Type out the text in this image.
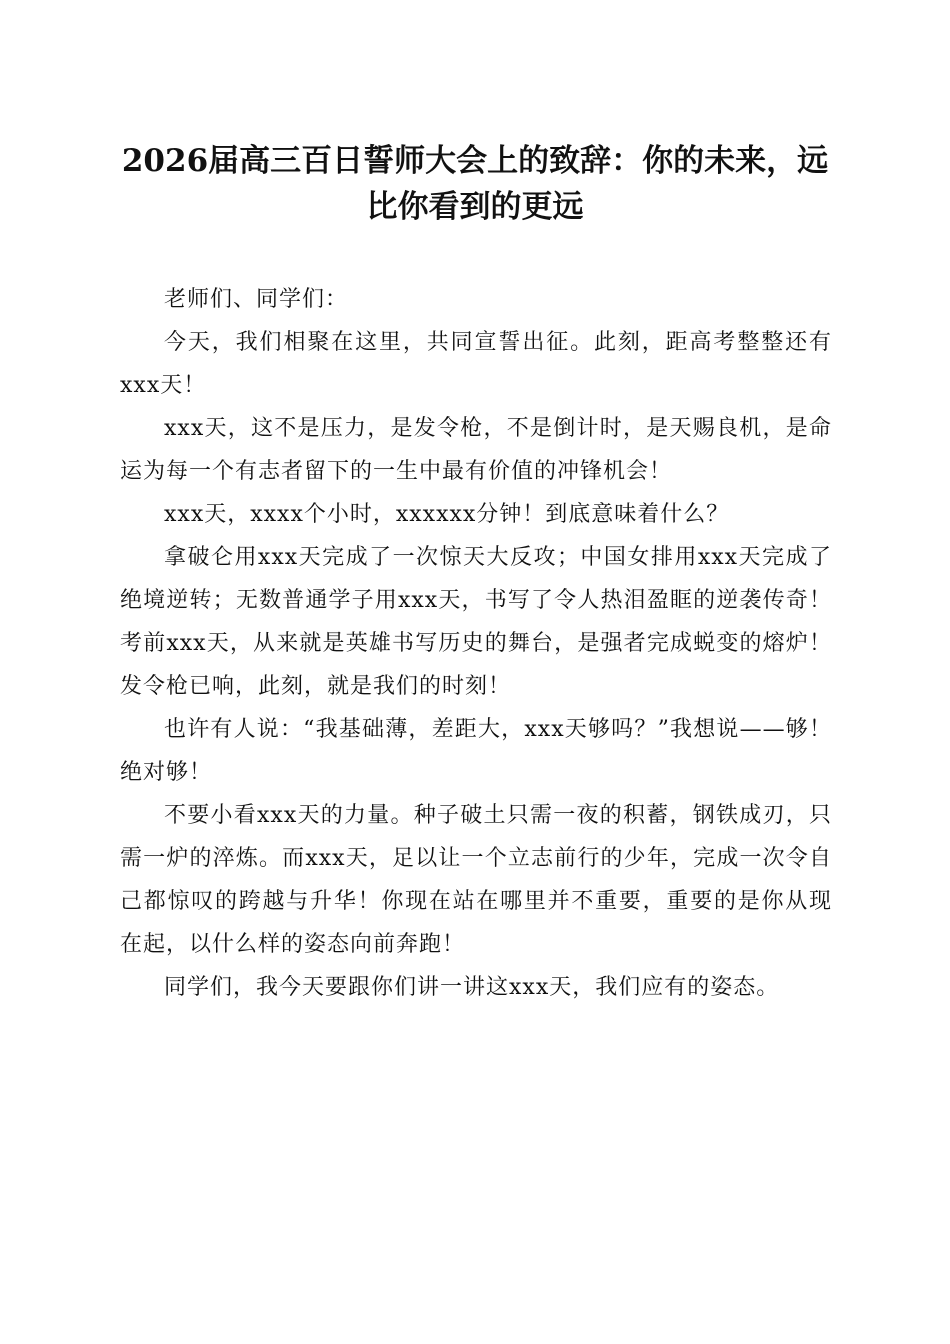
2026届高三百日誓师大会上的致辞：你的未来，远比你看到的更远

老师们、同学们：

今天，我们相聚在这里，共同宣誓出征。此刻，距高考整整还有xxx天！

xxx天，这不是压力，是发令枪，不是倒计时，是天赐良机，是命运为每一个有志者留下的一生中最有价值的冲锋机会！

xxx天，xxxx个小时，xxxxxx分钟！到底意味着什么？

拿破仑用xxx天完成了一次惊天大反攻；中国女排用xxx天完成了绝境逆转；无数普通学子用xxx天，书写了令人热泪盈眶的逆袭传奇！考前xxx天，从来就是英雄书写历史的舞台，是强者完成蜕变的熔炉！发令枪已响，此刻，就是我们的时刻！

也许有人说：“我基础薄，差距大，xxx天够吗？”我想说——够！绝对够！

不要小看xxx天的力量。种子破土只需一夜的积蓄，钢铁成刃，只需一炉的淬炼。而xxx天，足以让一个立志前行的少年，完成一次令自己都惊叹的跨越与升华！你现在站在哪里并不重要，重要的是你从现在起，以什么样的姿态向前奔跑！

同学们，我今天要跟你们讲一讲这xxx天，我们应有的姿态。
